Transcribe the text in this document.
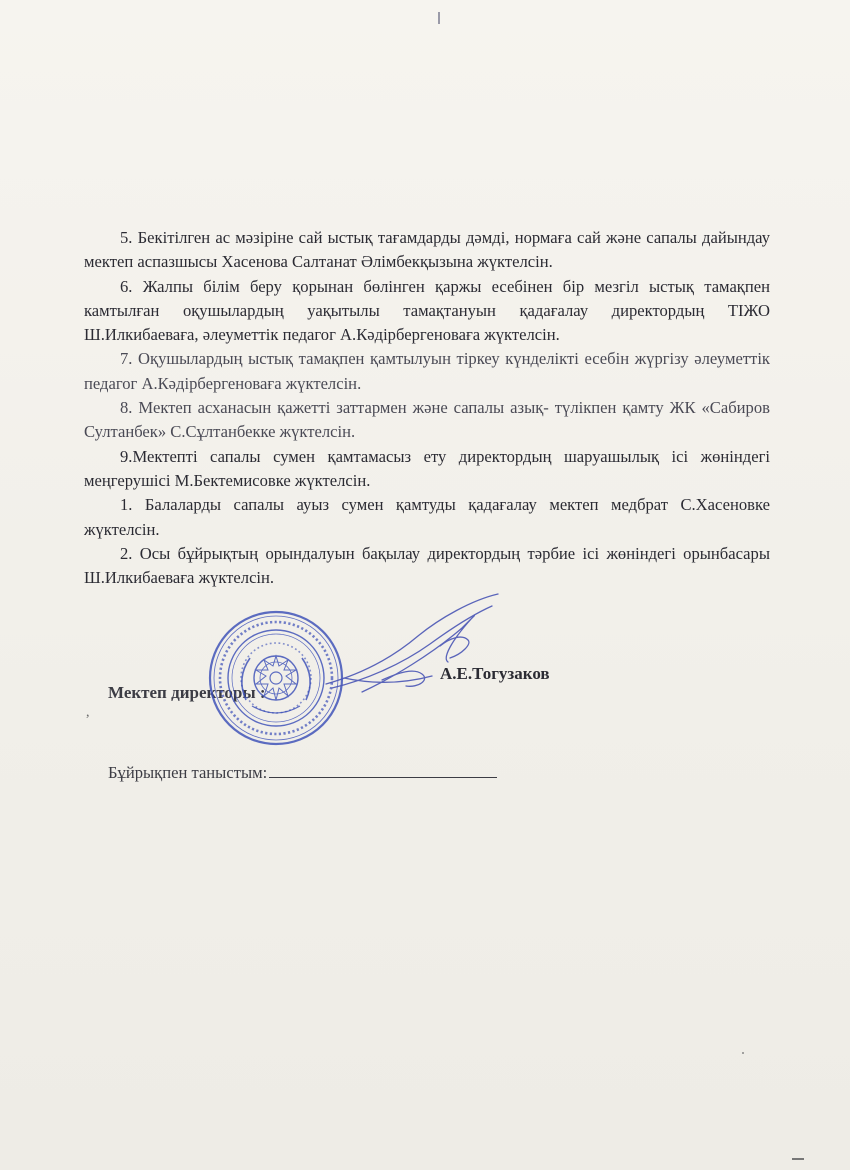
,

5. Бекітілген ас мәзіріне сай ыстық тағамдарды дәмді, нормаға сай және сапалы дайындау мектеп аспазшысы Хасенова Салтанат Әлімбекқызына жүктелсін.

6. Жалпы білім беру қорынан бөлінген қаржы есебінен бір мезгіл ыстық тамақпен камтылған оқушылардың уақытылы тамақтануын қадағалау директордың ТІЖО Ш.Илкибаеваға, әлеуметтік педагог А.Кәдірбергеноваға жүктелсін.

7. Оқушылардың ыстық тамақпен қамтылуын тіркеу күнделікті есебін жүргізу әлеуметтік педагог А.Кәдірбергеноваға жүктелсін.

8. Мектеп асханасын қажетті заттармен және сапалы азық- түлікпен қамту ЖК «Сабиров Султанбек» С.Сұлтанбекке жүктелсін.

9.Мектепті сапалы сумен қамтамасыз ету директордың шаруашылық ісі жөніндегі меңгерушісі М.Бектемисовке жүктелсін.

1. Балаларды сапалы ауыз сумен қамтуды қадағалау мектеп медбрат С.Хасеновке жүктелсін.

2. Осы бұйрықтың орындалуын бақылау директордың тәрбие ісі жөніндегі орынбасары Ш.Илкибаеваға жүктелсін.

Мектеп директоры :
А.Е.Тогузаков
Бұйрықпен таныстым:
